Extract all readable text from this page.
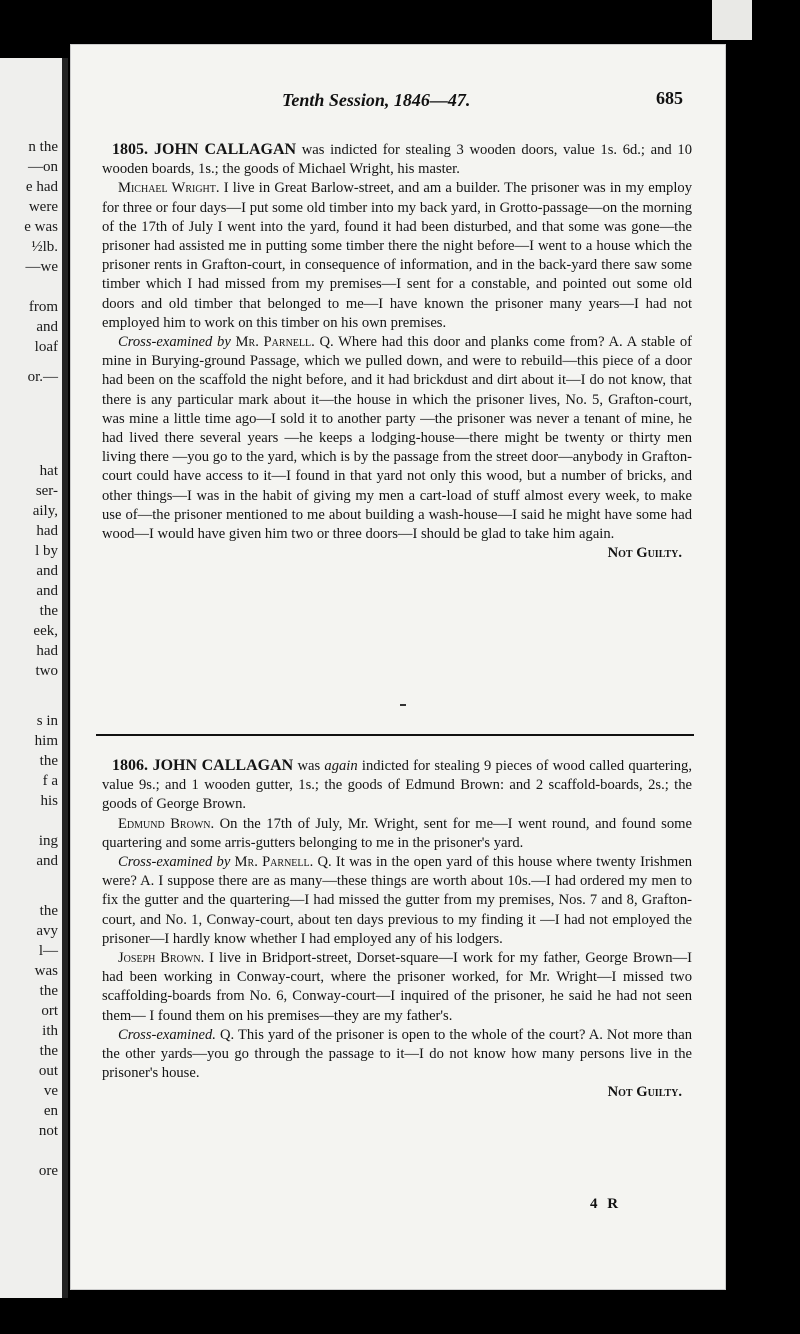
n the
—on
e had
were
e was
½lb.
—we
from
and
loaf
or.—
hat
ser-
aily,
had
l by
and
and
the
eek,
had
two
s in
him
the
f a
his
ing
and
the
avy
l—
was
the
ort
ith
the
out
ve
en
not
ore
Tenth Session, 1846—47.	685

1805. JOHN CALLAGAN was indicted for stealing 3 wooden doors, value 1s. 6d.; and 10 wooden boards, 1s.; the goods of Michael Wright, his master.

Michael Wright. I live in Great Barlow-street, and am a builder. The prisoner was in my employ for three or four days—I put some old timber into my back yard, in Grotto-passage—on the morning of the 17th of July I went into the yard, found it had been disturbed, and that some was gone—the prisoner had assisted me in putting some timber there the night before—I went to a house which the prisoner rents in Grafton-court, in consequence of information, and in the back-yard there saw some timber which I had missed from my premises—I sent for a constable, and pointed out some old doors and old timber that belonged to me—I have known the prisoner many years—I had not employed him to work on this timber on his own premises.

Cross-examined by Mr. Parnell. Q. Where had this door and planks come from? A. A stable of mine in Burying-ground Passage, which we pulled down, and were to rebuild—this piece of a door had been on the scaffold the night before, and it had brickdust and dirt about it—I do not know, that there is any particular mark about it—the house in which the prisoner lives, No. 5, Grafton-court, was mine a little time ago—I sold it to another party —the prisoner was never a tenant of mine, he had lived there several years —he keeps a lodging-house—there might be twenty or thirty men living there —you go to the yard, which is by the passage from the street door—anybody in Grafton-court could have access to it—I found in that yard not only this wood, but a number of bricks, and other things—I was in the habit of giving my men a cart-load of stuff almost every week, to make use of—the prisoner mentioned to me about building a wash-house—I said he might have some had wood—I would have given him two or three doors—I should be glad to take him again.

Not Guilty.

1806. JOHN CALLAGAN was again indicted for stealing 9 pieces of wood called quartering, value 9s.; and 1 wooden gutter, 1s.; the goods of Edmund Brown: and 2 scaffold-boards, 2s.; the goods of George Brown.

Edmund Brown. On the 17th of July, Mr. Wright, sent for me—I went round, and found some quartering and some arris-gutters belonging to me in the prisoner's yard.

Cross-examined by Mr. Parnell. Q. It was in the open yard of this house where twenty Irishmen were? A. I suppose there are as many—these things are worth about 10s.—I had ordered my men to fix the gutter and the quartering—I had missed the gutter from my premises, Nos. 7 and 8, Grafton-court, and No. 1, Conway-court, about ten days previous to my finding it —I had not employed the prisoner—I hardly know whether I had employed any of his lodgers.

Joseph Brown. I live in Bridport-street, Dorset-square—I work for my father, George Brown—I had been working in Conway-court, where the prisoner worked, for Mr. Wright—I missed two scaffolding-boards from No. 6, Conway-court—I inquired of the prisoner, he said he had not seen them— I found them on his premises—they are my father's.

Cross-examined. Q. This yard of the prisoner is open to the whole of the court? A. Not more than the other yards—you go through the passage to it—I do not know how many persons live in the prisoner's house.

Not Guilty.

4 R
